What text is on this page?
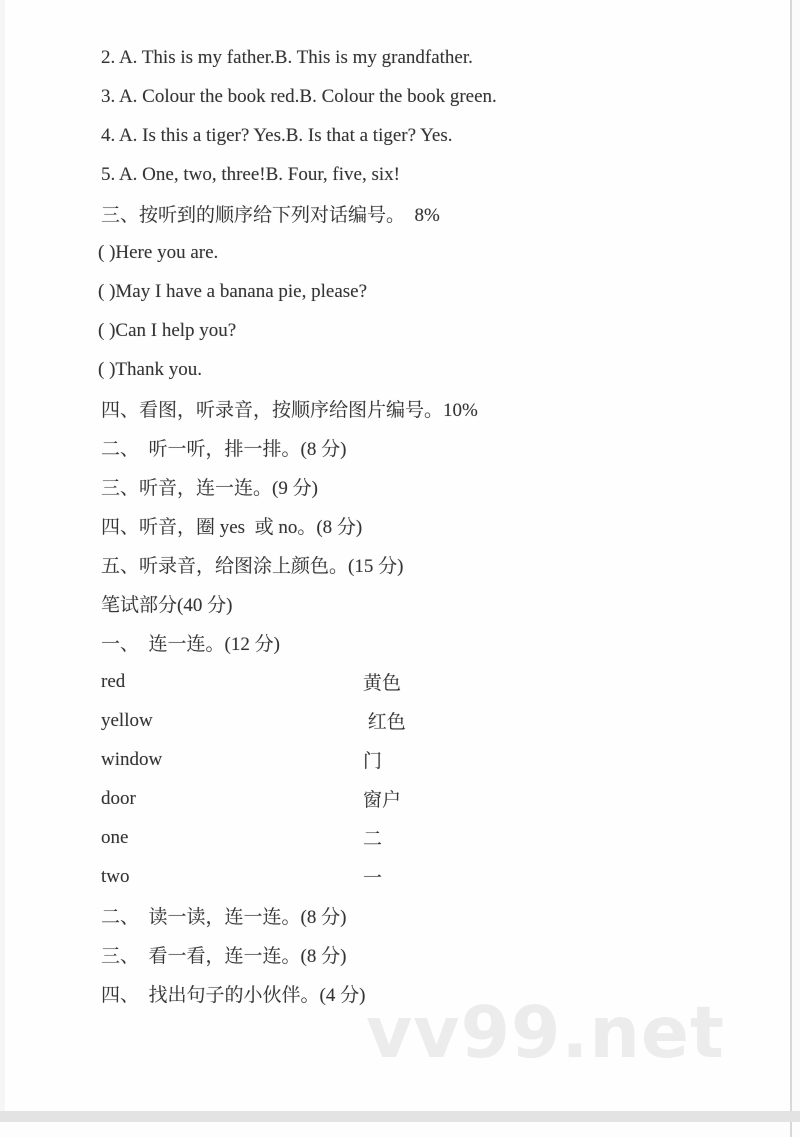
vv99.net
2. A. This is my father.B. This is my grandfather.
3. A. Colour the book red.B. Colour the book green.
4. A. Is this a tiger? Yes.B. Is that a tiger? Yes.
5. A. One, two, three!B. Four, five, six!
三、按听到的顺序给下列对话编号。　8%
( )Here you are.
( )May I have a banana pie, please?
( )Can I help you?
( )Thank you.
四、看图，听录音，按顺序给图片编号。10%
二、　听一听，排一排。(8 分)
三、听音，连一连。(9 分)
四、听音，圈 yes  或 no。(8 分)
五、听录音，给图涂上颜色。(15 分)
笔试部分(40 分)
一、　连一连。(12 分)
red	黄色
yellow	红色
window	门
door	窗户
one	二
two	一
二、　读一读，连一连。(8 分)
三、　看一看，连一连。(8 分)
四、　找出句子的小伙伴。(4 分)
